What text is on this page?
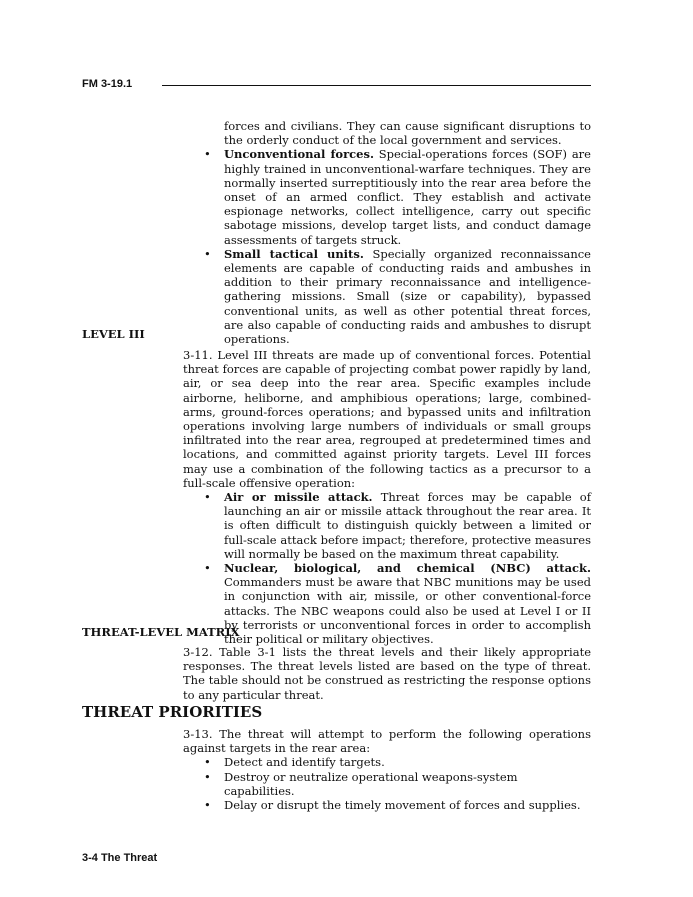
FM 3-19.1
forces and civilians. They can cause significant disruptions to the orderly conduct of the local government and services.
• Unconventional forces. Special-operations forces (SOF) are highly trained in unconventional-warfare techniques. They are normally inserted surreptitiously into the rear area before the onset of an armed conflict. They establish and activate espionage networks, collect intelligence, carry out specific sabotage missions, develop target lists, and conduct damage assessments of targets struck.
• Small tactical units. Specially organized reconnaissance elements are capable of conducting raids and ambushes in addition to their primary reconnaissance and intelligence-gathering missions. Small (size or capability), bypassed conventional units, as well as other potential threat forces, are also capable of conducting raids and ambushes to disrupt operations.
LEVEL III
3-11. Level III threats are made up of conventional forces. Potential threat forces are capable of projecting combat power rapidly by land, air, or sea deep into the rear area. Specific examples include airborne, heliborne, and amphibious operations; large, combined-arms, ground-forces operations; and bypassed units and infiltration operations involving large numbers of individuals or small groups infiltrated into the rear area, regrouped at predetermined times and locations, and committed against priority targets. Level III forces may use a combination of the following tactics as a precursor to a full-scale offensive operation:
• Air or missile attack. Threat forces may be capable of launching an air or missile attack throughout the rear area. It is often difficult to distinguish quickly between a limited or full-scale attack before impact; therefore, protective measures will normally be based on the maximum threat capability.
• Nuclear, biological, and chemical (NBC) attack. Commanders must be aware that NBC munitions may be used in conjunction with air, missile, or other conventional-force attacks. The NBC weapons could also be used at Level I or II by terrorists or unconventional forces in order to accomplish their political or military objectives.
THREAT-LEVEL MATRIX
3-12. Table 3-1 lists the threat levels and their likely appropriate responses. The threat levels listed are based on the type of threat. The table should not be construed as restricting the response options to any particular threat.
THREAT PRIORITIES
3-13. The threat will attempt to perform the following operations against targets in the rear area:
• Detect and identify targets.
• Destroy or neutralize operational weapons-system capabilities.
• Delay or disrupt the timely movement of forces and supplies.
3-4 The Threat
